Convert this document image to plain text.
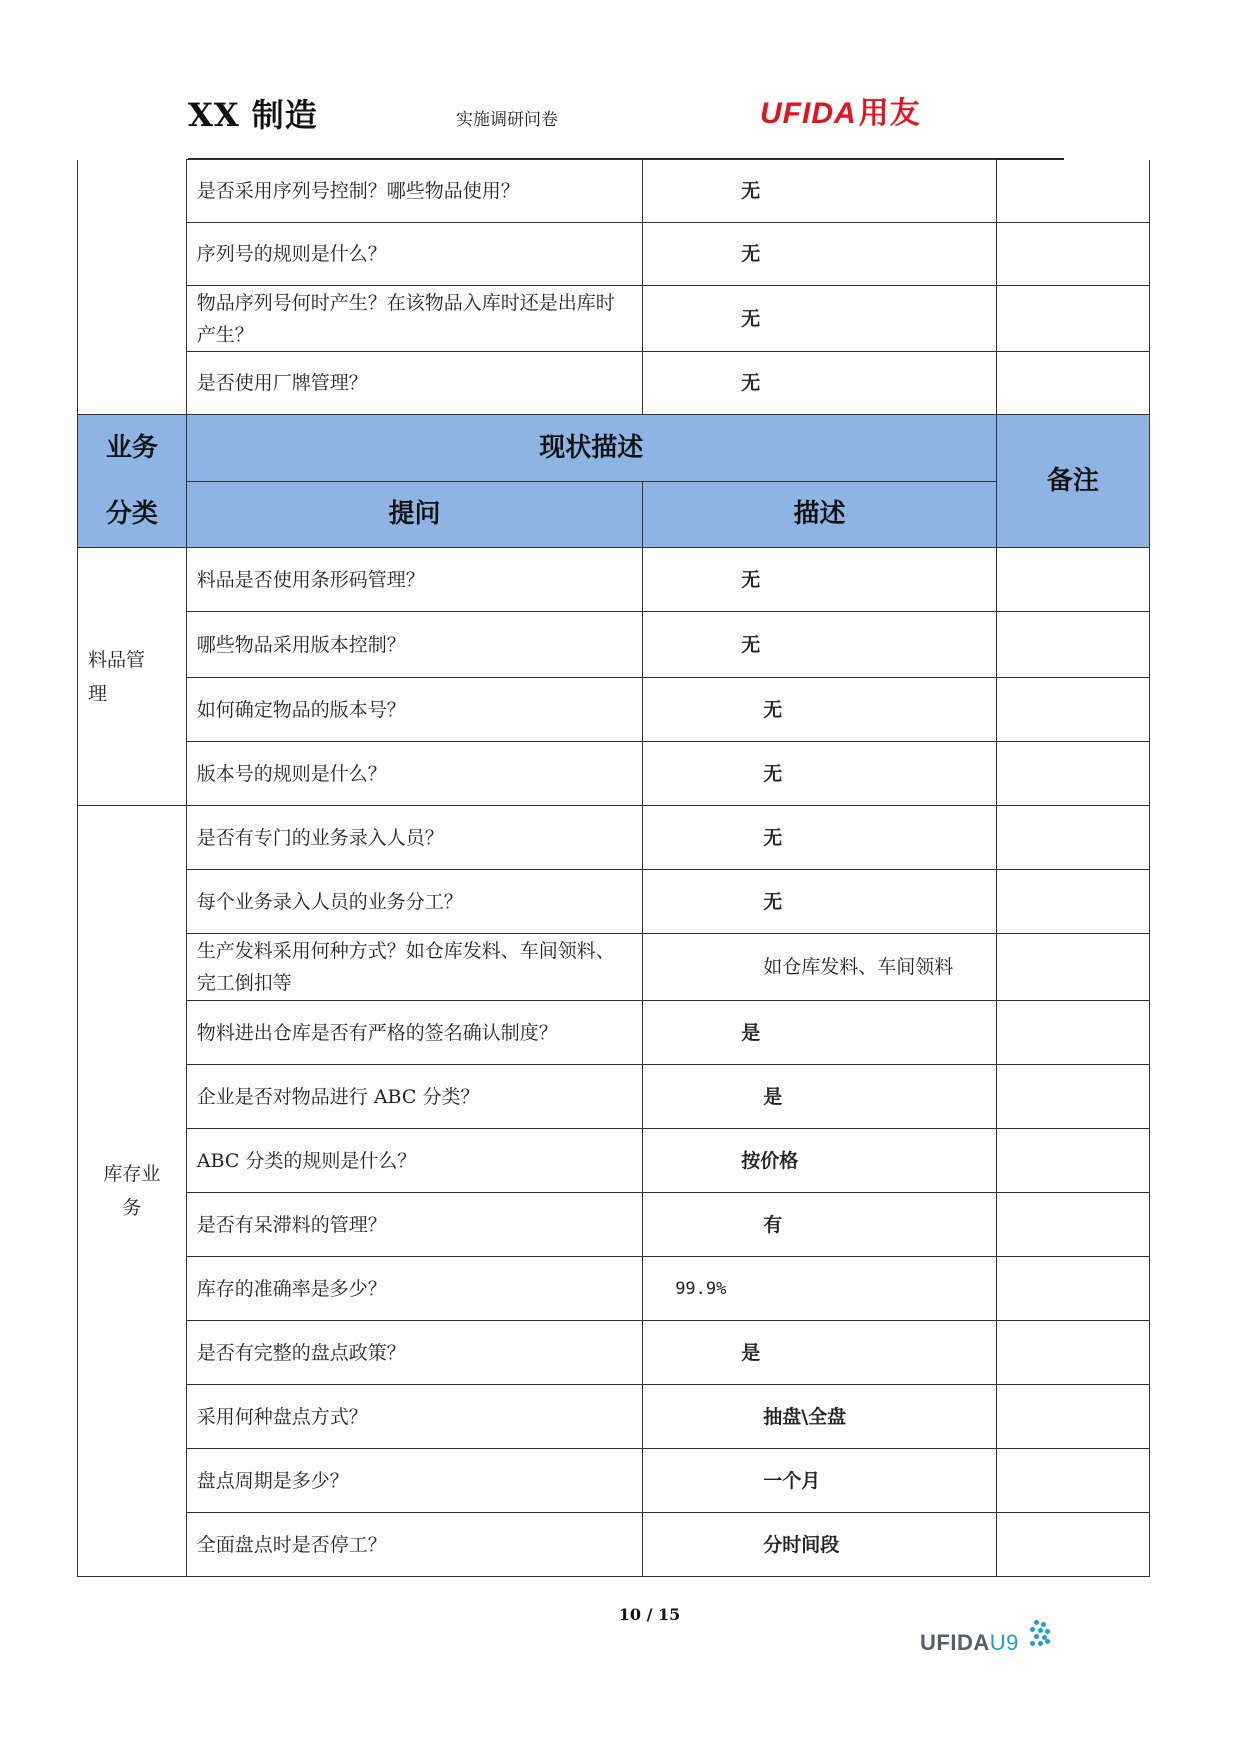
XX 制造	实施调研问卷	UFIDA用友
	是否采用序列号控制？哪些物品使用？	无	
	序列号的规则是什么？	无	
	物品序列号何时产生？在该物品入库时还是出库时产生？	无	
	是否使用厂牌管理？	无	

业务
分类	现状描述		备注
	提问	描述	

料品管理	料品是否使用条形码管理？	无	
	哪些物品采用版本控制？	无	
	如何确定物品的版本号？	无	
	版本号的规则是什么？	无	

库存业务	是否有专门的业务录入人员？	无	
	每个业务录入人员的业务分工？	无	
	生产发料采用何种方式？如仓库发料、车间领料、完工倒扣等	如仓库发料、车间领料	
	物料进出仓库是否有严格的签名确认制度？	是	
	企业是否对物品进行 ABC 分类？	是	
	ABC 分类的规则是什么？	按价格	
	是否有呆滞料的管理？	有	
	库存的准确率是多少？	99.9%	
	是否有完整的盘点政策？	是	
	采用何种盘点方式？	抽盘\全盘	
	盘点周期是多少？	一个月	
	全面盘点时是否停工？	分时间段	
10 / 15
UFIDAU9
